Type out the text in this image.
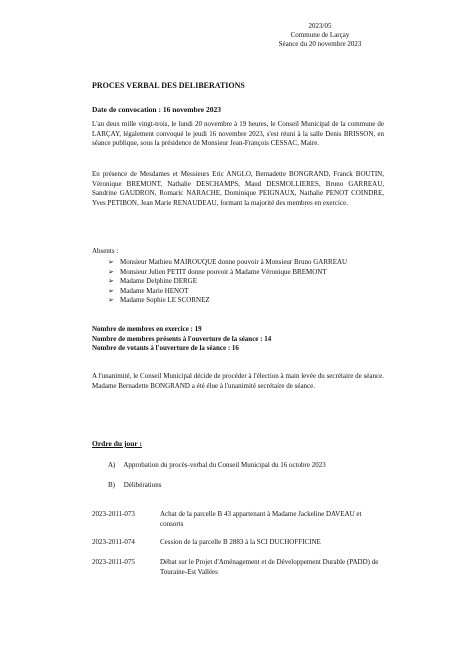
2023/05
Commune de Larçay
Séance du 20 novembre 2023
PROCES VERBAL DES DELIBERATIONS
Date de convocation : 16 novembre 2023
L'an deux mille vingt-trois, le lundi 20 novembre à 19 heures, le Conseil Municipal de la commune de LARÇAY, légalement convoqué le jeudi 16 novembre 2023, s'est réuni à la salle Denis BRISSON, en séance publique, sous la présidence de Monsieur Jean-François CESSAC, Maire.
En présence de Mesdames et Messieurs Eric ANGLO, Bernadette BONGRAND, Franck BOUTIN, Véronique BREMONT, Nathalie DESCHAMPS, Maud DESMOLLIERES, Bruno GARREAU, Sandrine GAUDRON, Romaric NARACHE, Dominique PEIGNAUX, Nathalie PENOT COINDRE, Yves PETIBON, Jean Marie RENAUDEAU, formant la majorité des membres en exercice.
Absents :
➢ Monsieur Mathieu MAIROUQUE donne pouvoir à Monsieur Bruno GARREAU
➢ Monsieur Julien PETIT donne pouvoir à Madame Véronique BREMONT
➢ Madame Delphine DERGE
➢ Madame Marie HENOT
➢ Madame Sophie LE SCORNEZ
Nombre de membres en exercice : 19
Nombre de membres présents à l'ouverture de la séance : 14
Nombre de votants à l'ouverture de la séance : 16
A l'unanimité, le Conseil Municipal décide de procéder à l'élection à main levée du secrétaire de séance. Madame Bernadette BONGRAND a été élue à l'unanimité secrétaire de séance.
Ordre du jour :
A) Approbation du procès-verbal du Conseil Municipal du 16 octobre 2023
B) Délibérations
2023-2011-073	Achat de la parcelle B 43 appartenant à Madame Jackeline DAVEAU et consorts
2023-2011-074	Cession de la parcelle B 2883 à la SCI DUCHOFFICINE
2023-2011-075	Débat sur le Projet d'Aménagement et de Développement Durable (PADD) de Touraine-Est Vallées
